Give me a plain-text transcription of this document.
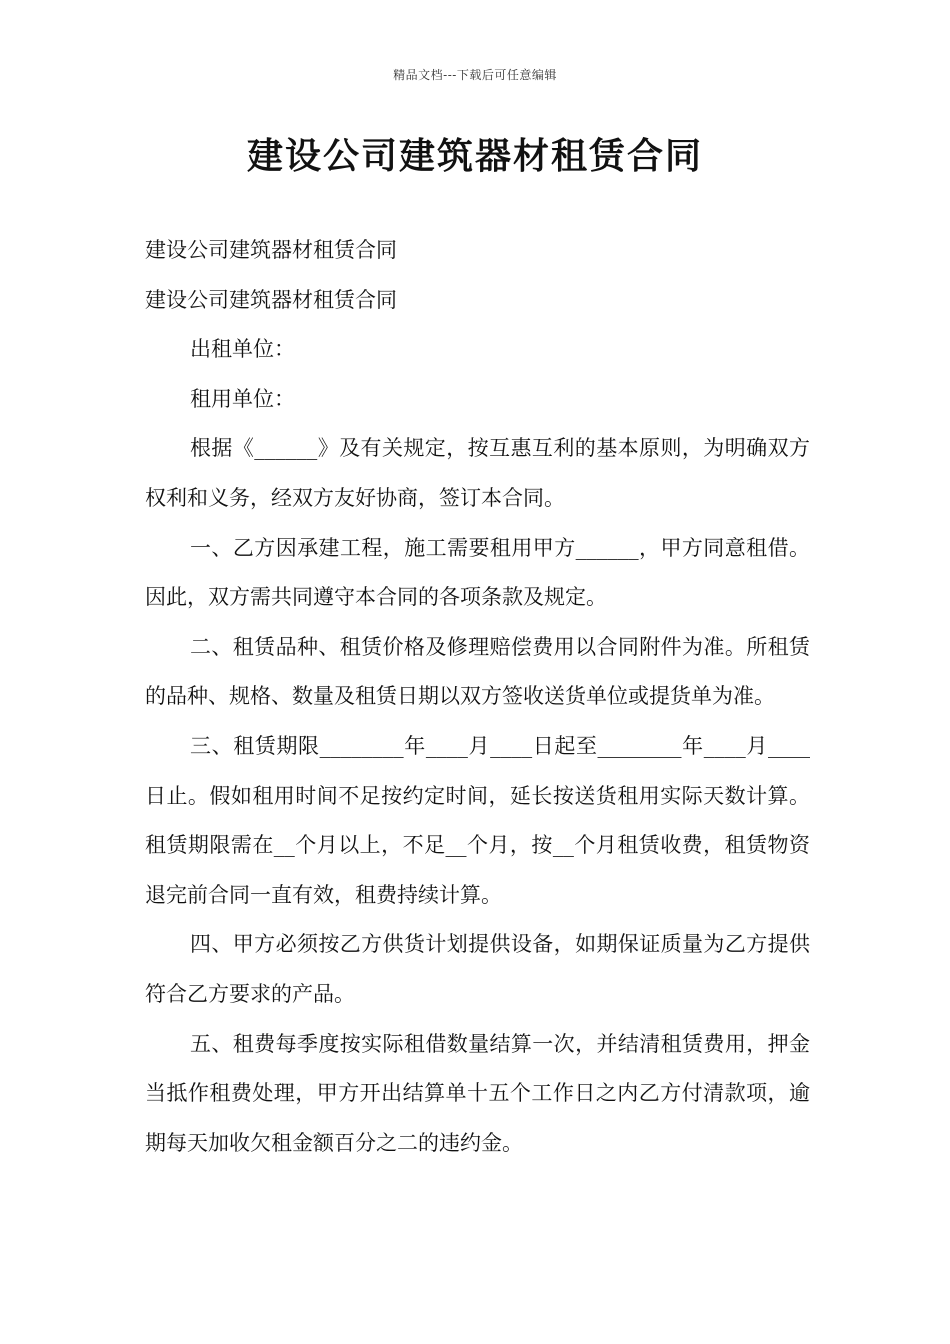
精品文档---下载后可任意编辑
建设公司建筑器材租赁合同

建设公司建筑器材租赁合同

建设公司建筑器材租赁合同

出租单位：

租用单位：

根据《______》及有关规定，按互惠互利的基本原则，为明确双方权利和义务，经双方友好协商，签订本合同。

一、乙方因承建工程，施工需要租用甲方______，甲方同意租借。因此，双方需共同遵守本合同的各项条款及规定。

二、租赁品种、租赁价格及修理赔偿费用以合同附件为准。所租赁的品种、规格、数量及租赁日期以双方签收送货单位或提货单为准。

三、租赁期限________年____月____日起至________年____月____日止。假如租用时间不足按约定时间，延长按送货租用实际天数计算。租赁期限需在__个月以上，不足__个月，按__个月租赁收费，租赁物资退完前合同一直有效，租费持续计算。

四、甲方必须按乙方供货计划提供设备，如期保证质量为乙方提供符合乙方要求的产品。

五、租费每季度按实际租借数量结算一次，并结清租赁费用，押金当抵作租费处理，甲方开出结算单十五个工作日之内乙方付清款项，逾期每天加收欠租金额百分之二的违约金。
